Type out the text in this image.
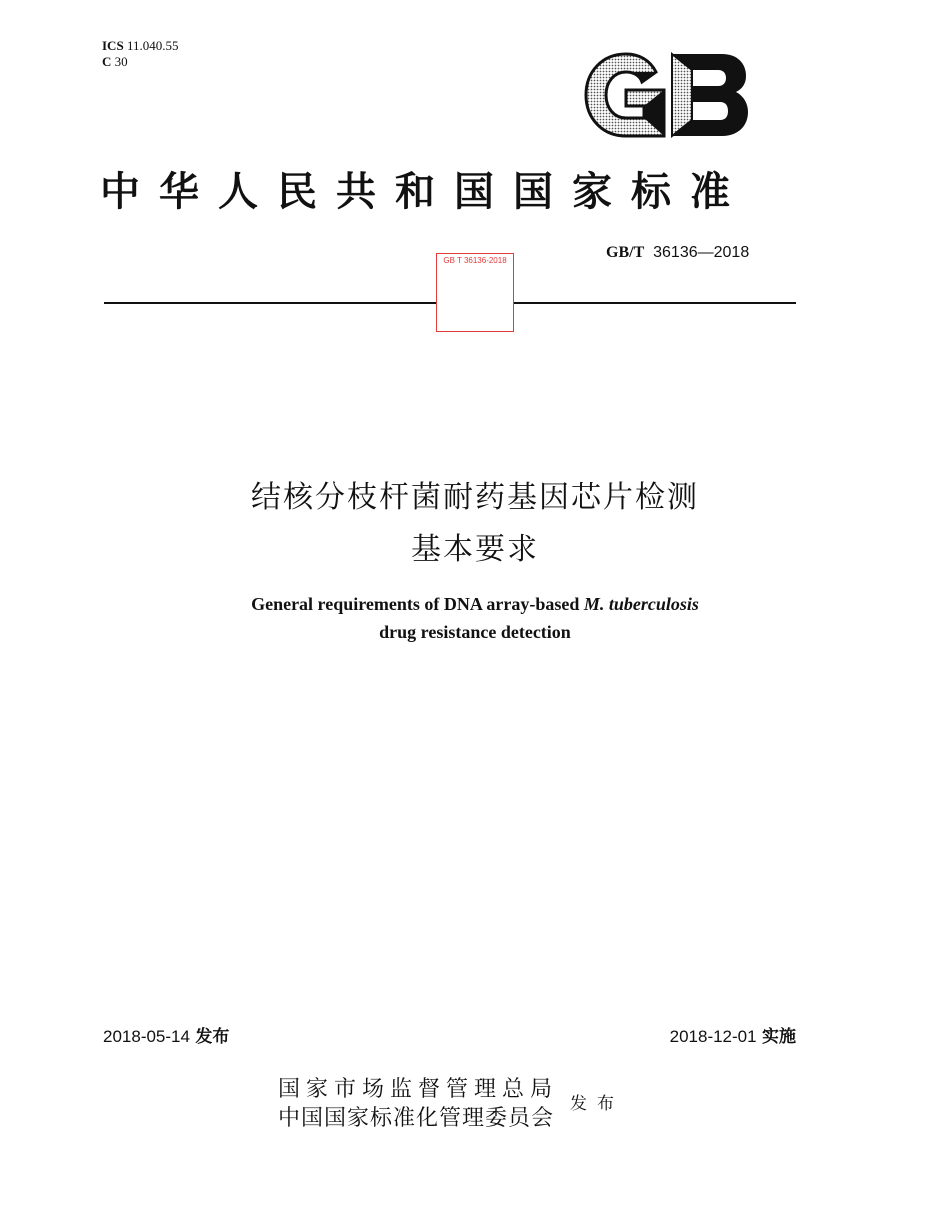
ICS 11.040.55
C 30
中华人民共和国国家标准
GB/T 36136—2018
GB T 36136-2018
结核分枝杆菌耐药基因芯片检测
基本要求
General requirements of DNA array-based M. tuberculosis
drug resistance detection
2018-05-14 发布	2018-12-01 实施
国家市场监督管理总局
中国国家标准化管理委员会
发布
